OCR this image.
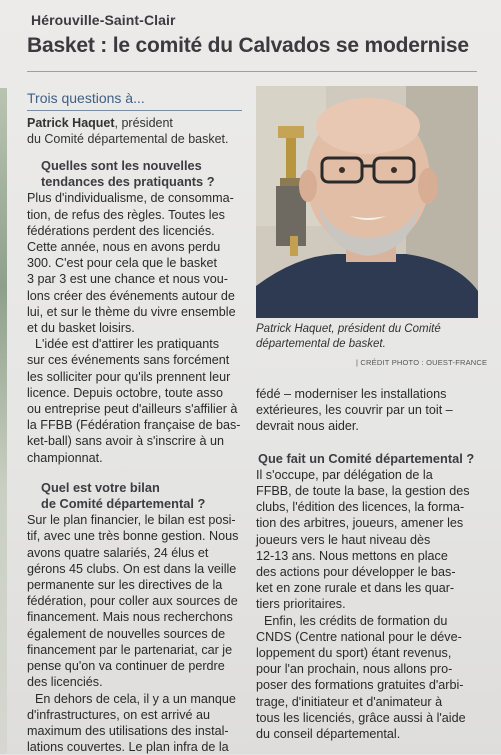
Hérouville-Saint-Clair
Basket : le comité du Calvados se modernise
Trois questions à...
Patrick Haquet, président
du Comité départemental de basket.
Quelles sont les nouvelles
tendances des pratiquants ?
Plus d'individualisme, de consomma-
tion, de refus des règles. Toutes les
fédérations perdent des licenciés.
Cette année, nous en avons perdu
300. C'est pour cela que le basket
3 par 3 est une chance et nous vou-
lons créer des événements autour de
lui, et sur le thème du vivre ensemble
et du basket loisirs.
L'idée est d'attirer les pratiquants
sur ces événements sans forcément
les solliciter pour qu'ils prennent leur
licence. Depuis octobre, toute asso
ou entreprise peut d'ailleurs s'affilier à
la FFBB (Fédération française de bas-
ket-ball) sans avoir à s'inscrire à un
championnat.
Quel est votre bilan
de Comité départemental ?
Sur le plan financier, le bilan est posi-
tif, avec une très bonne gestion. Nous
avons quatre salariés, 24 élus et
gérons 45 clubs. On est dans la veille
permanente sur les directives de la
fédération, pour coller aux sources de
financement. Mais nous recherchons
également de nouvelles sources de
financement par le partenariat, car je
pense qu'on va continuer de perdre
des licenciés.
En dehors de cela, il y a un manque
d'infrastructures, on est arrivé au
maximum des utilisations des instal-
lations couvertes. Le plan infra de la
Patrick Haquet, président du Comité
départemental de basket.
| CRÉDIT PHOTO : OUEST-FRANCE
fédé – moderniser les installations
extérieures, les couvrir par un toit –
devrait nous aider.
Que fait un Comité départemental ?
Il s'occupe, par délégation de la
FFBB, de toute la base, la gestion des
clubs, l'édition des licences, la forma-
tion des arbitres, joueurs, amener les
joueurs vers le haut niveau dès
12-13 ans. Nous mettons en place
des actions pour développer le bas-
ket en zone rurale et dans les quar-
tiers prioritaires.
Enfin, les crédits de formation du
CNDS (Centre national pour le déve-
loppement du sport) étant revenus,
pour l'an prochain, nous allons pro-
poser des formations gratuites d'arbi-
trage, d'initiateur et d'animateur à
tous les licenciés, grâce aussi à l'aide
du conseil départemental.
